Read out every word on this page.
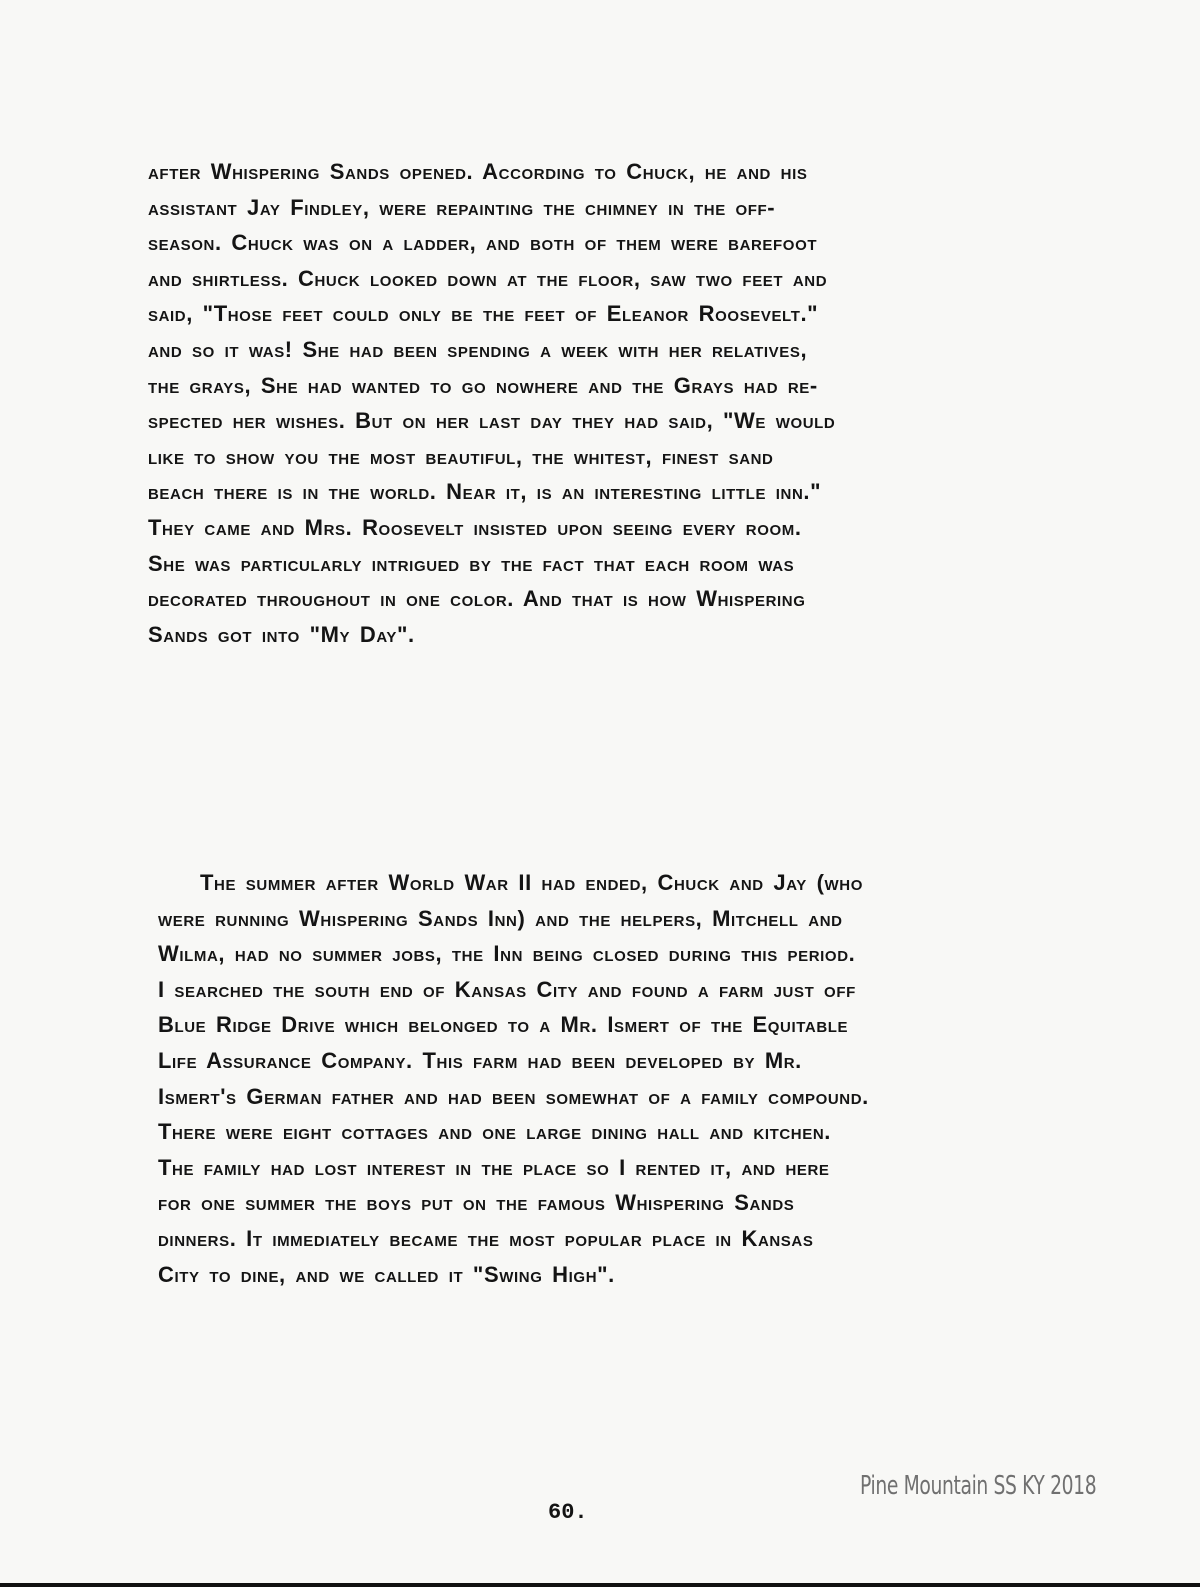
after Whispering Sands opened. According to Chuck, he and his
assistant Jay Findley, were repainting the chimney in the off-
season. Chuck was on a ladder, and both of them were barefoot
and shirtless. Chuck looked down at the floor, saw two feet and
said, "Those feet could only be the feet of Eleanor Roosevelt."
and so it was! She had been spending a week with her relatives,
the grays, She had wanted to go nowhere and the Grays had re-
spected her wishes. But on her last day they had said, "We would
like to show you the most beautiful, the whitest, finest sand
beach there is in the world. Near it, is an interesting little inn."
They came and Mrs. Roosevelt insisted upon seeing every room.
She was particularly intrigued by the fact that each room was
decorated throughout in one color. And that is how Whispering
Sands got into "My Day".
The summer after World War II had ended, Chuck and Jay (who
were running Whispering Sands Inn) and the helpers, Mitchell and
Wilma, had no summer jobs, the Inn being closed during this period.
I searched the south end of Kansas City and found a farm just off
Blue Ridge Drive which belonged to a Mr. Ismert of the Equitable
Life Assurance Company. This farm had been developed by Mr.
Ismert's German father and had been somewhat of a family compound.
There were eight cottages and one large dining hall and kitchen.
The family had lost interest in the place so I rented it, and here
for one summer the boys put on the famous Whispering Sands
dinners. It immediately became the most popular place in Kansas
City to dine, and we called it "Swing High".
60.
Pine Mountain SS KY 2018
